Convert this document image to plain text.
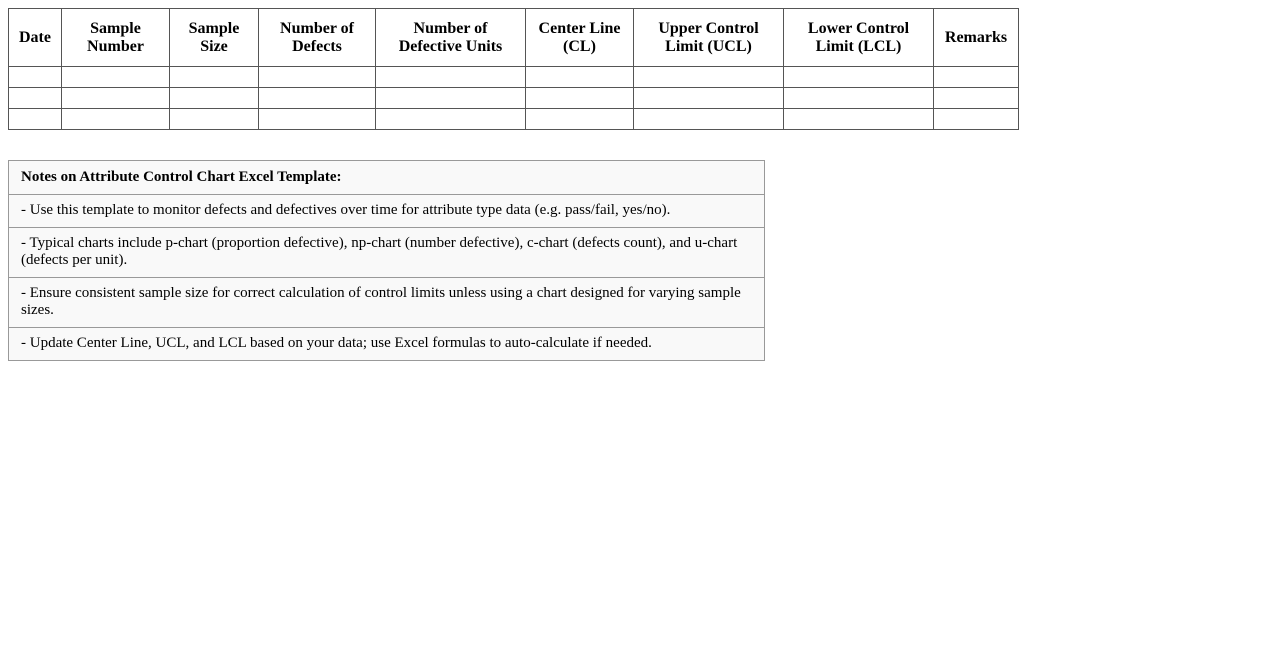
Date	Sample Number	Sample Size	Number of Defects	Number of Defective Units	Center Line (CL)	Upper Control Limit (UCL)	Lower Control Limit (LCL)	Remarks

Notes on Attribute Control Chart Excel Template:
- Use this template to monitor defects and defectives over time for attribute type data (e.g. pass/fail, yes/no).
- Typical charts include p-chart (proportion defective), np-chart (number defective), c-chart (defects count), and u-chart (defects per unit).
- Ensure consistent sample size for correct calculation of control limits unless using a chart designed for varying sample sizes.
- Update Center Line, UCL, and LCL based on your data; use Excel formulas to auto-calculate if needed.
